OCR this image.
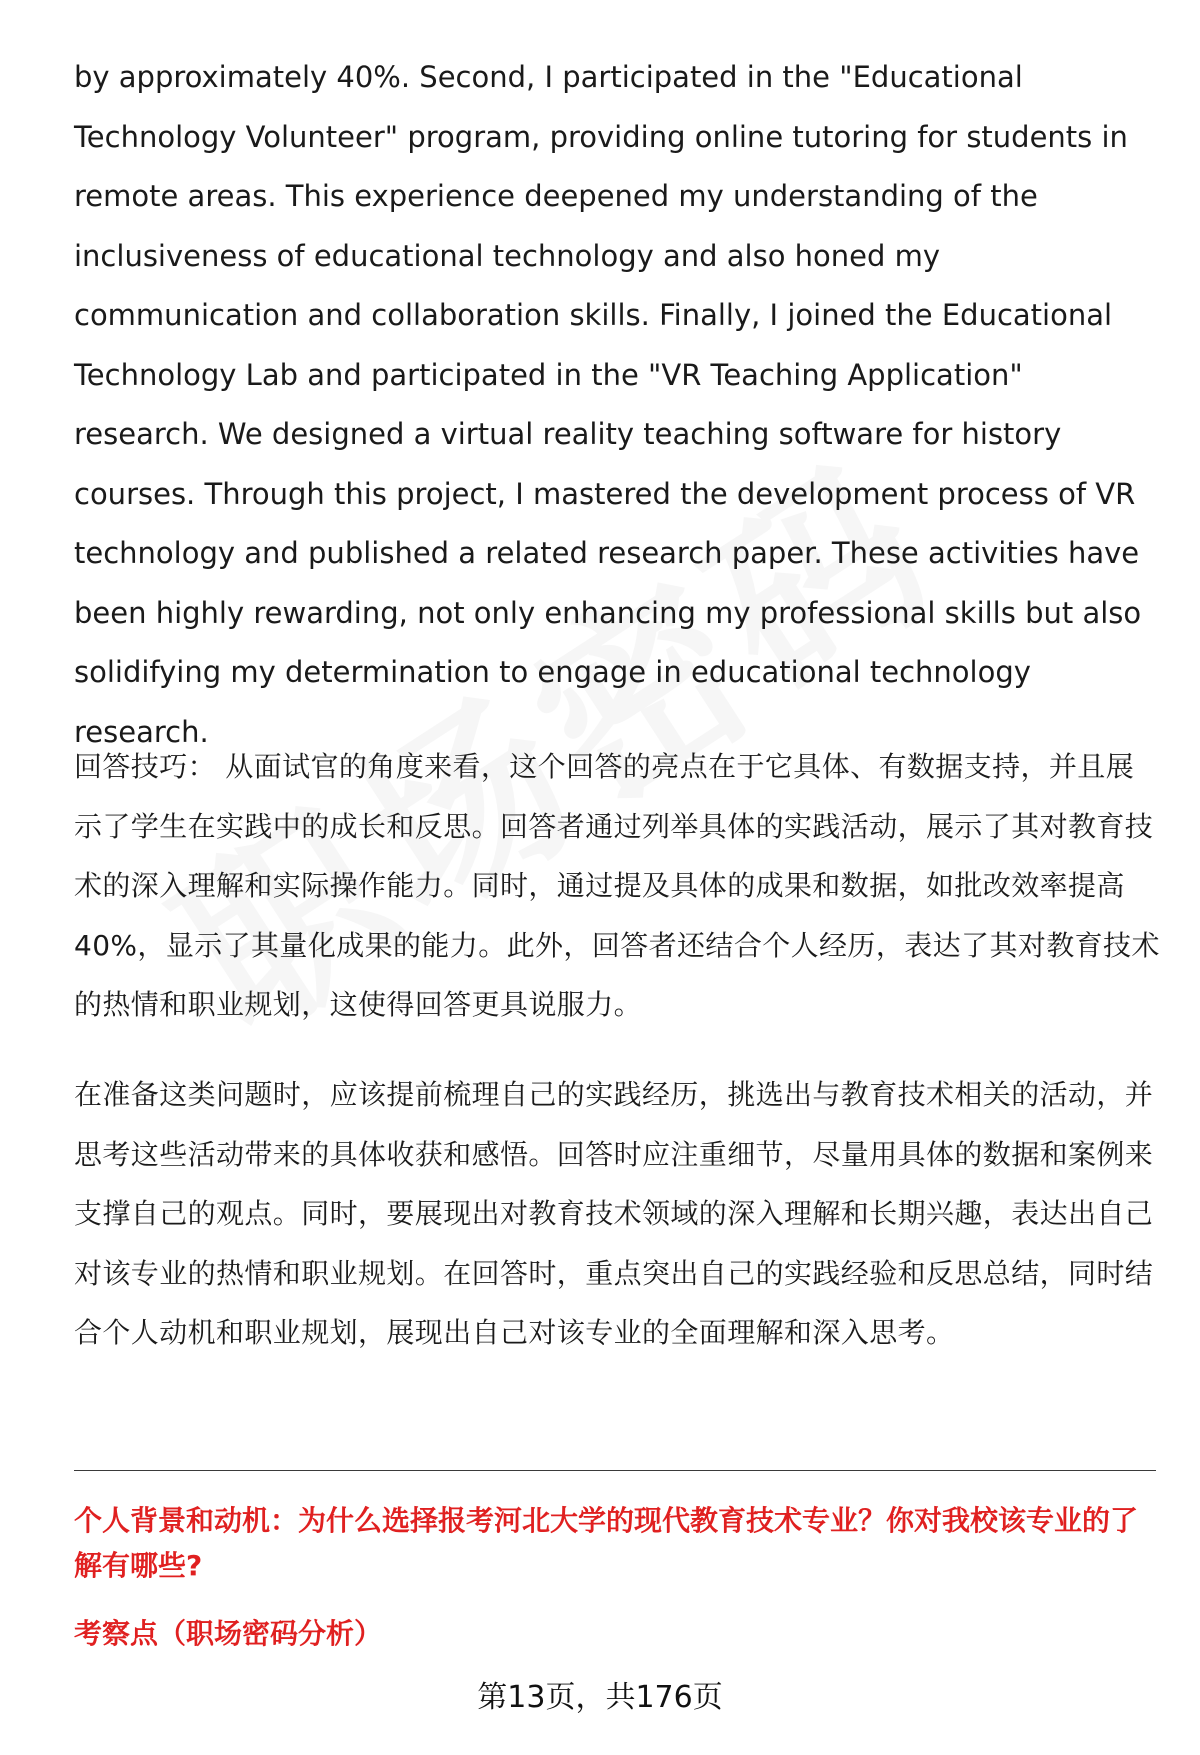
by approximately 40%. Second, I participated in the "Educational Technology Volunteer" program, providing online tutoring for students in remote areas. This experience deepened my understanding of the inclusiveness of educational technology and also honed my communication and collaboration skills. Finally, I joined the Educational Technology Lab and participated in the "VR Teaching Application" research. We designed a virtual reality teaching software for history courses. Through this project, I mastered the development process of VR technology and published a related research paper. These activities have been highly rewarding, not only enhancing my professional skills but also solidifying my determination to engage in educational technology research.

回答技巧： 从面试官的角度来看，这个回答的亮点在于它具体、有数据支持，并且展示了学生在实践中的成长和反思。回答者通过列举具体的实践活动，展示了其对教育技术的深入理解和实际操作能力。同时，通过提及具体的成果和数据，如批改效率提高40%，显示了其量化成果的能力。此外，回答者还结合个人经历，表达了其对教育技术的热情和职业规划，这使得回答更具说服力。

在准备这类问题时，应该提前梳理自己的实践经历，挑选出与教育技术相关的活动，并思考这些活动带来的具体收获和感悟。回答时应注重细节，尽量用具体的数据和案例来支撑自己的观点。同时，要展现出对教育技术领域的深入理解和长期兴趣，表达出自己对该专业的热情和职业规划。在回答时，重点突出自己的实践经验和反思总结，同时结合个人动机和职业规划，展现出自己对该专业的全面理解和深入思考。

个人背景和动机：为什么选择报考河北大学的现代教育技术专业？你对我校该专业的了解有哪些?

考察点（职场密码分析）

第13页，共176页
